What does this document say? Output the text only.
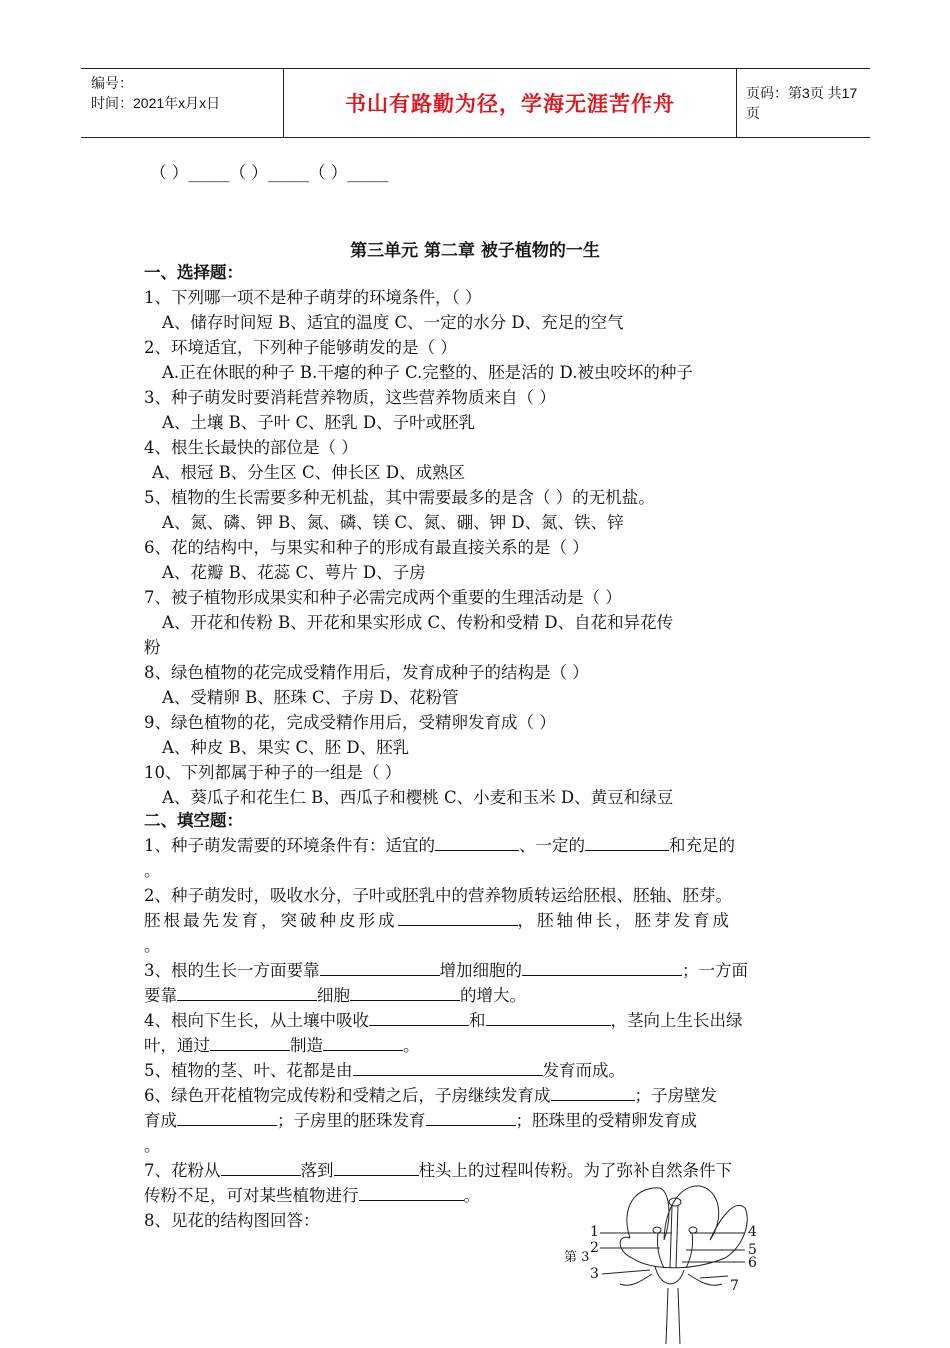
编号：
时间：2021年x月x日	书山有路勤为径，学海无涯苦作舟	页码：第3页 共17页
（ ）_____（ ）_____（ ）_____
第三单元 第二章 被子植物的一生
一、选择题：
1、下列哪一项不是种子萌芽的环境条件，（ ）
A、储存时间短 B、适宜的温度 C、一定的水分 D、充足的空气
2、环境适宜，下列种子能够萌发的是（ ）
A.正在休眠的种子 B.干瘪的种子 C.完整的、胚是活的 D.被虫咬坏的种子
3、种子萌发时要消耗营养物质，这些营养物质来自（ ）
A、土壤 B、子叶 C、胚乳 D、子叶或胚乳
4、根生长最快的部位是（ ）
A、根冠 B、分生区 C、伸长区 D、成熟区
5、植物的生长需要多种无机盐，其中需要最多的是含（ ）的无机盐。
A、氮、磷、钾 B、氮、磷、镁 C、氮、硼、钾 D、氮、铁、锌
6、花的结构中，与果实和种子的形成有最直接关系的是（ ）
A、花瓣 B、花蕊 C、萼片 D、子房
7、被子植物形成果实和种子必需完成两个重要的生理活动是（ ）
A、开花和传粉 B、开花和果实形成 C、传粉和受精 D、自花和异花传
粉
8、绿色植物的花完成受精作用后，发育成种子的结构是（ ）
A、受精卵 B、胚珠 C、子房 D、花粉管
9、绿色植物的花，完成受精作用后，受精卵发育成（ ）
A、种皮 B、果实 C、胚 D、胚乳
10、下列都属于种子的一组是（ ）
A、葵瓜子和花生仁 B、西瓜子和樱桃 C、小麦和玉米 D、黄豆和绿豆
二、填空题：
1、种子萌发需要的环境条件有：适宜的	、一定的	和充足的
。
2、种子萌发时，吸收水分，子叶或胚乳中的营养物质转运给胚根、胚轴、胚芽。
胚根最先发育，突破种皮形成	，胚轴伸长，胚芽发育成
。
3、根的生长一方面要靠	增加细胞的	；一方面
要靠	细胞	的增大。
4、根向下生长，从土壤中吸收	和	，茎向上生长出绿
叶，通过	制造	。
5、植物的茎、叶、花都是由	发育而成。
6、绿色开花植物完成传粉和受精之后，子房继续发育成	；子房壁发
育成	；子房里的胚珠发育	；胚珠里的受精卵发育成
。
7、花粉从	落到	柱头上的过程叫传粉。为了弥补自然条件下
传粉不足，可对某些植物进行	。
8、见花的结构图回答：
1
2
3
4
5
6
7
第 3
